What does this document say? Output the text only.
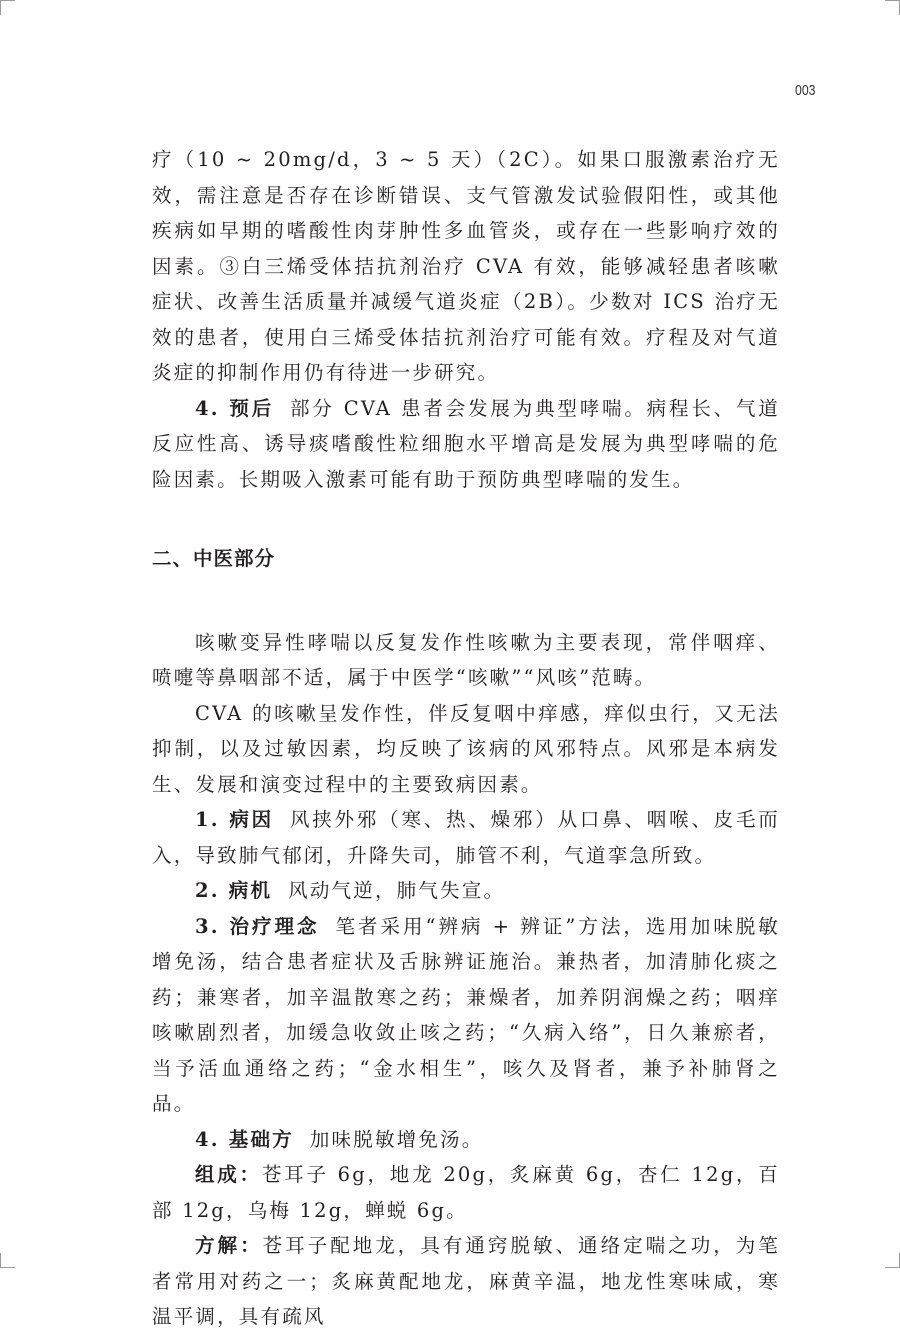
003

疗（10 ~ 20mg/d，3 ~ 5 天）（2C）。如果口服激素治疗无效，需注意是否存在诊断错误、支气管激发试验假阳性，或其他疾病如早期的嗜酸性肉芽肿性多血管炎，或存在一些影响疗效的因素。③白三烯受体拮抗剂治疗 CVA 有效，能够减轻患者咳嗽症状、改善生活质量并减缓气道炎症（2B）。少数对 ICS 治疗无效的患者，使用白三烯受体拮抗剂治疗可能有效。疗程及对气道炎症的抑制作用仍有待进一步研究。

4. 预后 部分 CVA 患者会发展为典型哮喘。病程长、气道反应性高、诱导痰嗜酸性粒细胞水平增高是发展为典型哮喘的危险因素。长期吸入激素可能有助于预防典型哮喘的发生。

二、中医部分

咳嗽变异性哮喘以反复发作性咳嗽为主要表现，常伴咽痒、喷嚏等鼻咽部不适，属于中医学“咳嗽”“风咳”范畴。

CVA 的咳嗽呈发作性，伴反复咽中痒感，痒似虫行，又无法抑制，以及过敏因素，均反映了该病的风邪特点。风邪是本病发生、发展和演变过程中的主要致病因素。

1. 病因 风挟外邪（寒、热、燥邪）从口鼻、咽喉、皮毛而入，导致肺气郁闭，升降失司，肺管不利，气道挛急所致。

2. 病机 风动气逆，肺气失宣。

3. 治疗理念 笔者采用“辨病 + 辨证”方法，选用加味脱敏增免汤，结合患者症状及舌脉辨证施治。兼热者，加清肺化痰之药；兼寒者，加辛温散寒之药；兼燥者，加养阴润燥之药；咽痒咳嗽剧烈者，加缓急收敛止咳之药；“久病入络”，日久兼瘀者，当予活血通络之药；“金水相生”，咳久及肾者，兼予补肺肾之品。

4. 基础方 加味脱敏增免汤。

组成：苍耳子 6g，地龙 20g，炙麻黄 6g，杏仁 12g，百部 12g，乌梅 12g，蝉蜕 6g。

方解：苍耳子配地龙，具有通窍脱敏、通络定喘之功，为笔者常用对药之一；炙麻黄配地龙，麻黄辛温，地龙性寒味咸，寒温平调，具有疏风
